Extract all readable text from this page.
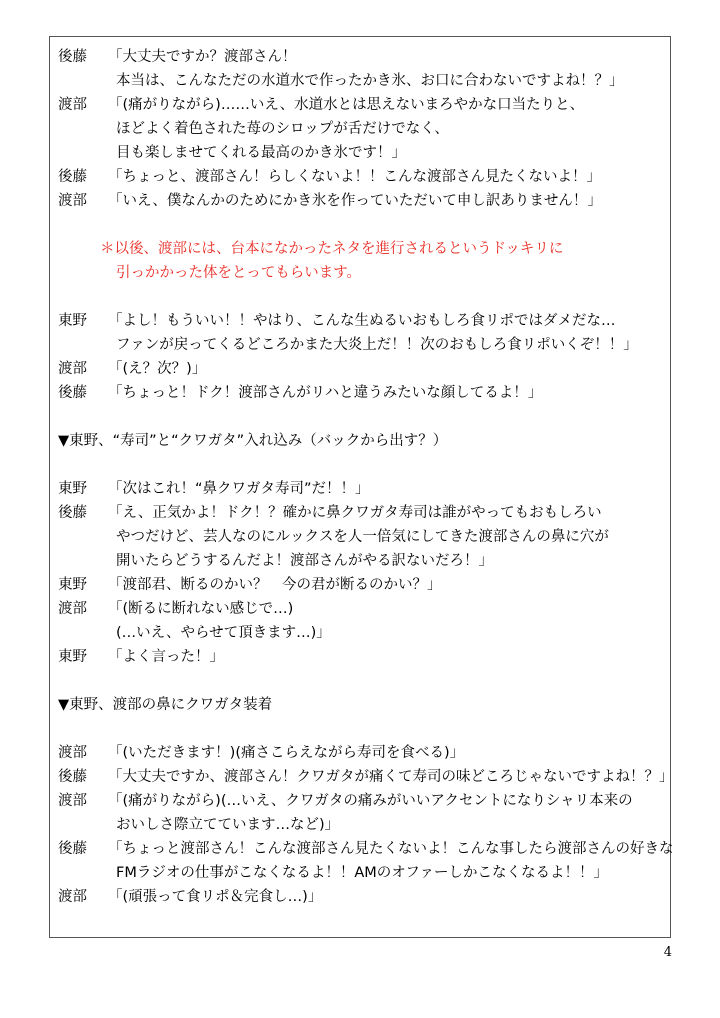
後藤	「大丈夫ですか？渡部さん！
本当は、こんなただの水道水で作ったかき氷、お口に合わないですよね！？」
渡部	「(痛がりながら)……いえ、水道水とは思えないまろやかな口当たりと、
ほどよく着色された苺のシロップが舌だけでなく、
目も楽しませてくれる最高のかき氷です！」
後藤	「ちょっと、渡部さん！らしくないよ！！こんな渡部さん見たくないよ！」
渡部	「いえ、僕なんかのためにかき氷を作っていただいて申し訳ありません！」
＊以後、渡部には、台本になかったネタを進行されるというドッキリに
引っかかった体をとってもらいます。
東野	「よし！もういい！！やはり、こんな生ぬるいおもしろ食リポではダメだな…
ファンが戻ってくるどころかまた大炎上だ！！次のおもしろ食リポいくぞ！！」
渡部	「(え？次？)」
後藤	「ちょっと！ドク！渡部さんがリハと違うみたいな顔してるよ！」
▼東野、“寿司”と“クワガタ”入れ込み（バックから出す？）
東野	「次はこれ！“鼻クワガタ寿司”だ！！」
後藤	「え、正気かよ！ドク！？確かに鼻クワガタ寿司は誰がやってもおもしろい
やつだけど、芸人なのにルックスを人一倍気にしてきた渡部さんの鼻に穴が
開いたらどうするんだよ！渡部さんがやる訳ないだろ！」
東野	「渡部君、断るのかい？　今の君が断るのかい？」
渡部	「(断るに断れない感じで…)
(…いえ、やらせて頂きます…)」
東野	「よく言った！」
▼東野、渡部の鼻にクワガタ装着
渡部	「(いただきます！)(痛さこらえながら寿司を食べる)」
後藤	「大丈夫ですか、渡部さん！クワガタが痛くて寿司の味どころじゃないですよね！？」
渡部	「(痛がりながら)(…いえ、クワガタの痛みがいいアクセントになりシャリ本来の
おいしさ際立てています…など)」
後藤	「ちょっと渡部さん！こんな渡部さん見たくないよ！こんな事したら渡部さんの好きな
FMラジオの仕事がこなくなるよ！！AMのオファーしかこなくなるよ！！」
渡部	「(頑張って食リポ＆完食し…)」
4
